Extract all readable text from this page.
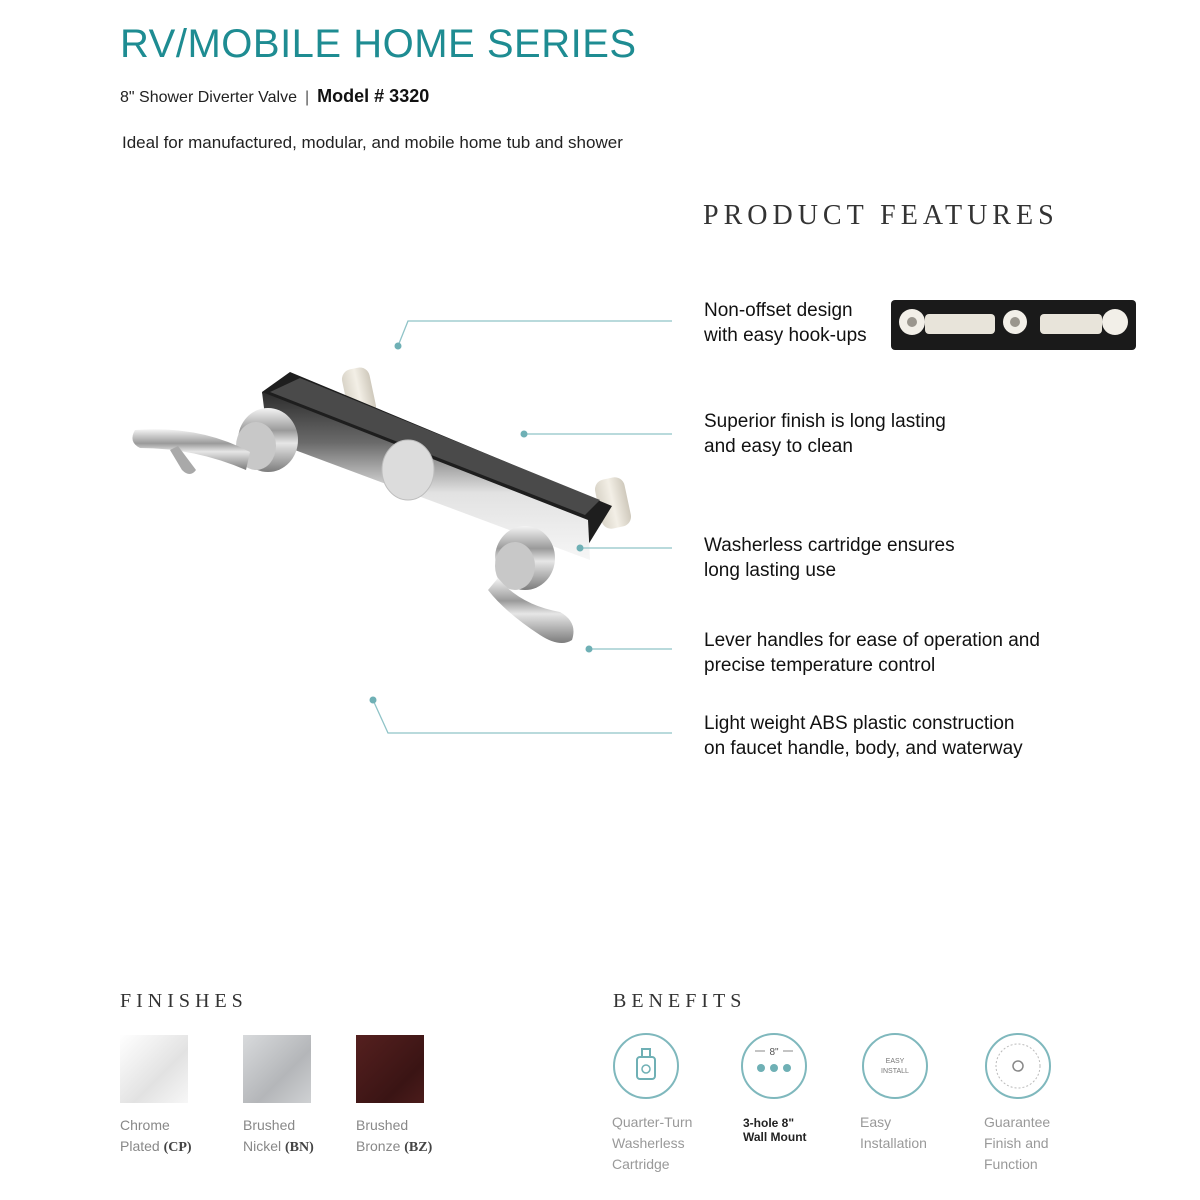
RV/MOBILE HOME SERIES
8" Shower Diverter Valve | Model # 3320
Ideal for manufactured, modular, and mobile home tub and shower
PRODUCT FEATURES
Non-offset design
with easy hook-ups
Superior finish is long lasting
and easy to clean
Washerless cartridge ensures
long lasting use
Lever handles for ease of operation and
precise temperature control
Light weight ABS plastic construction
on faucet handle, body, and waterway
FINISHES
Chrome
Plated (CP)
Brushed
Nickel (BN)
Brushed
Bronze (BZ)
BENEFITS
8"
EASY
INSTALL
Quarter-Turn
Washerless
Cartridge
3-hole 8"
Wall Mount
Easy
Installation
Guarantee
Finish and
Function
